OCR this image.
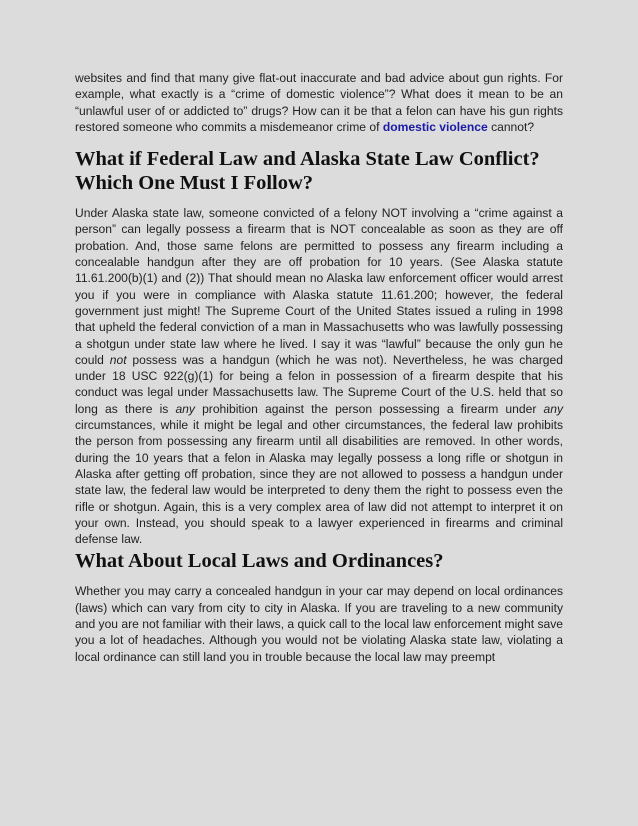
websites and find that many give flat-out inaccurate and bad advice about gun rights. For example, what exactly is a “crime of domestic violence”? What does it mean to be an “unlawful user of or addicted to” drugs? How can it be that a felon can have his gun rights restored someone who commits a misdemeanor crime of domestic violence cannot?

What if Federal Law and Alaska State Law Conflict? Which One Must I Follow?

Under Alaska state law, someone convicted of a felony NOT involving a “crime against a person” can legally possess a firearm that is NOT concealable as soon as they are off probation. And, those same felons are permitted to possess any firearm including a concealable handgun after they are off probation for 10 years. (See Alaska statute 11.61.200(b)(1) and (2)) That should mean no Alaska law enforcement officer would arrest you if you were in compliance with Alaska statute 11.61.200; however, the federal government just might! The Supreme Court of the United States issued a ruling in 1998 that upheld the federal conviction of a man in Massachusetts who was lawfully possessing a shotgun under state law where he lived. I say it was “lawful” because the only gun he could not possess was a handgun (which he was not). Nevertheless, he was charged under 18 USC 922(g)(1) for being a felon in possession of a firearm despite that his conduct was legal under Massachusetts law. The Supreme Court of the U.S. held that so long as there is any prohibition against the person possessing a firearm under any circumstances, while it might be legal and other circumstances, the federal law prohibits the person from possessing any firearm until all disabilities are removed. In other words, during the 10 years that a felon in Alaska may legally possess a long rifle or shotgun in Alaska after getting off probation, since they are not allowed to possess a handgun under state law, the federal law would be interpreted to deny them the right to possess even the rifle or shotgun. Again, this is a very complex area of law did not attempt to interpret it on your own. Instead, you should speak to a lawyer experienced in firearms and criminal defense law.

What About Local Laws and Ordinances?

Whether you may carry a concealed handgun in your car may depend on local ordinances (laws) which can vary from city to city in Alaska. If you are traveling to a new community and you are not familiar with their laws, a quick call to the local law enforcement might save you a lot of headaches. Although you would not be violating Alaska state law, violating a local ordinance can still land you in trouble because the local law may preempt
